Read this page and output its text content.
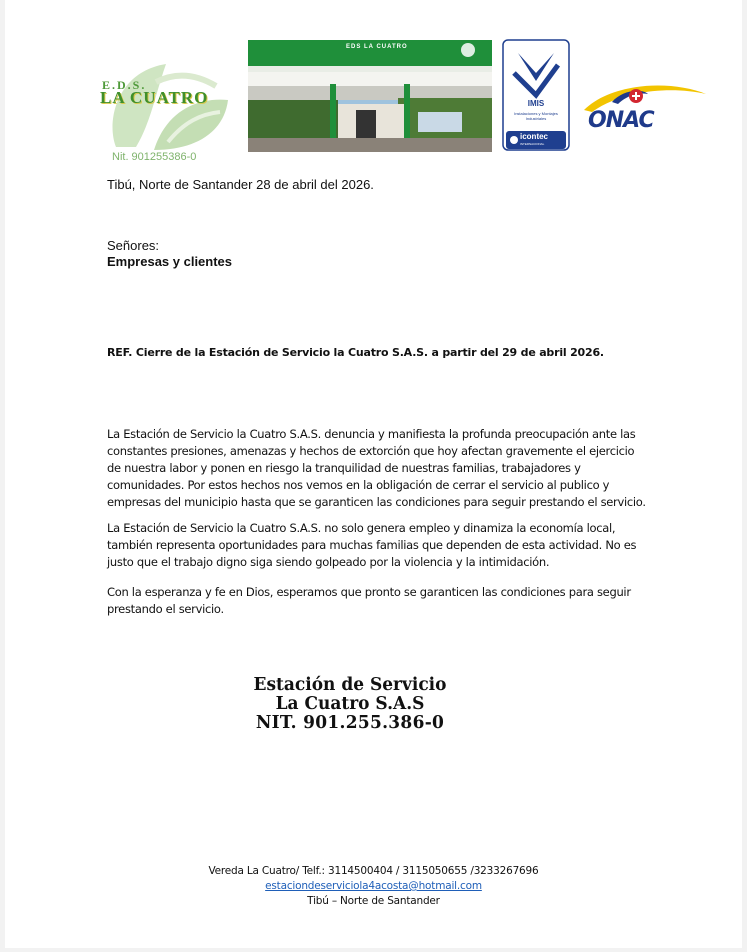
E.D.S.
LA CUATRO
Nit. 901255386-0
EDS LA CUATRO
IMIS
Instalaciones y Montajes Industriales
icontec
INTERNACIONAL
ONAC
Tibú, Norte de Santander 28 de abril del 2026.
Señores:
Empresas y clientes
REF. Cierre de la Estación de Servicio la Cuatro S.A.S. a partir del 29 de abril 2026.
La Estación de Servicio la Cuatro S.A.S. denuncia y manifiesta la profunda preocupación ante las constantes presiones, amenazas y hechos de extorción que hoy afectan gravemente el ejercicio de nuestra labor y ponen en riesgo la tranquilidad de nuestras familias, trabajadores y comunidades. Por estos hechos nos vemos en la obligación de cerrar el servicio al publico y empresas del municipio hasta que se garanticen las condiciones para seguir prestando el servicio.
La Estación de Servicio la Cuatro S.A.S. no solo genera empleo y dinamiza la economía local, también representa oportunidades para muchas familias que dependen de esta actividad. No es justo que el trabajo digno siga siendo golpeado por la violencia y la intimidación.
Con la esperanza y fe en Dios, esperamos que pronto se garanticen las condiciones para seguir prestando el servicio.
Estación de Servicio
La Cuatro S.A.S
NIT. 901.255.386-0
Vereda La Cuatro/ Telf.: 3114500404 / 3115050655 /3233267696
estaciondeserviciola4acosta@hotmail.com
Tibú – Norte de Santander
